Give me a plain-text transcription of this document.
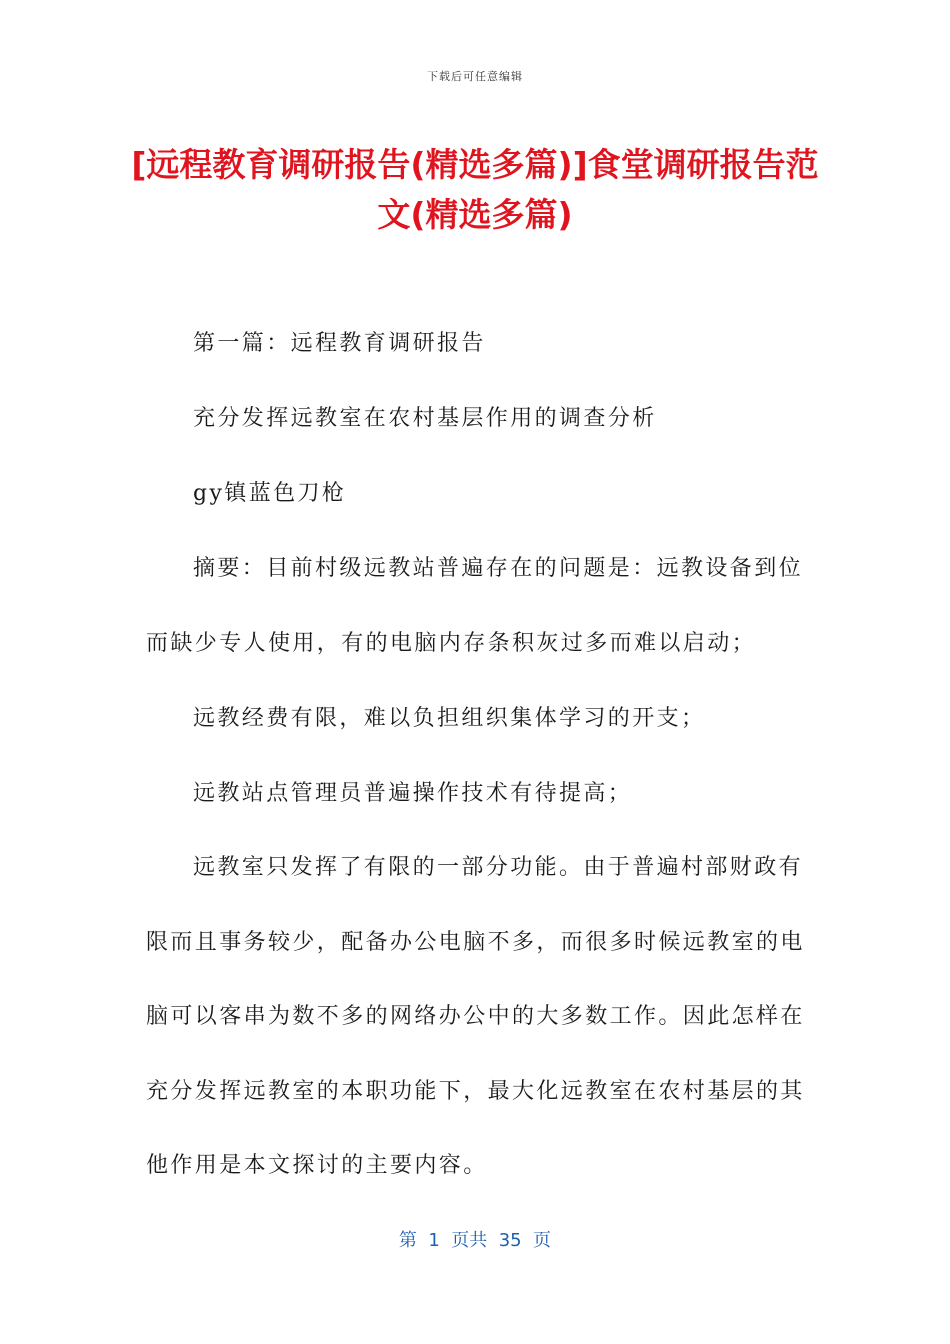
下载后可任意编辑
[远程教育调研报告(精选多篇)]食堂调研报告范文(精选多篇)
第一篇：远程教育调研报告
充分发挥远教室在农村基层作用的调查分析
gy镇蓝色刀枪
摘要：目前村级远教站普遍存在的问题是：远教设备到位
而缺少专人使用，有的电脑内存条积灰过多而难以启动；
远教经费有限，难以负担组织集体学习的开支；
远教站点管理员普遍操作技术有待提高；
远教室只发挥了有限的一部分功能。由于普遍村部财政有
限而且事务较少，配备办公电脑不多，而很多时候远教室的电
脑可以客串为数不多的网络办公中的大多数工作。因此怎样在
充分发挥远教室的本职功能下，最大化远教室在农村基层的其
他作用是本文探讨的主要内容。
第  1  页共  35  页
